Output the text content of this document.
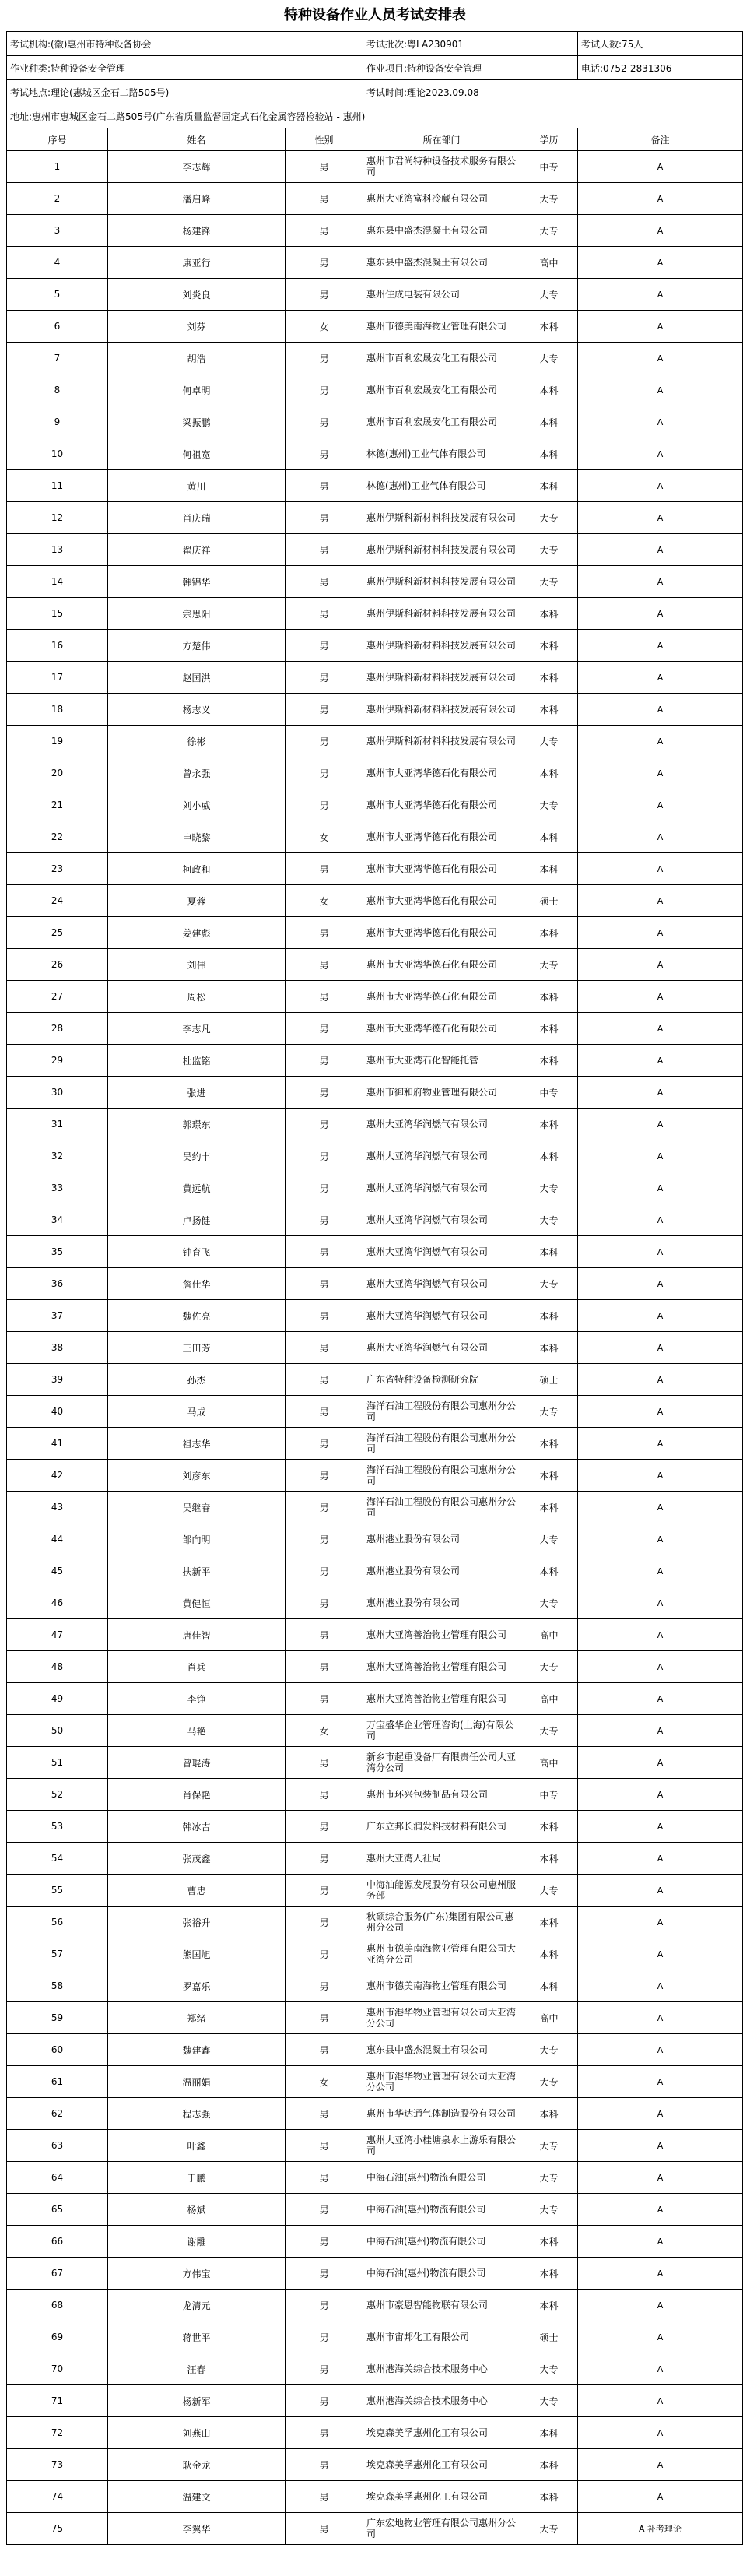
特种设备作业人员考试安排表
考试机构:(徽)惠州市特种设备协会			考试批次:粤LA230901		考试人数:75人
作业种类:特种设备安全管理			作业项目:特种设备安全管理		电话:0752-2831306
考试地点:理论(惠城区金石二路505号)			考试时间:理论2023.09.08		
地址:惠州市惠城区金石二路505号(广东省质量监督固定式石化金属容器检验站 - 惠州)					
序号	姓名	性别	所在部门	学历	备注
1	李志辉	男	惠州市君尚特种设备技术服务有限公司	中专	A
2	潘启峰	男	惠州大亚湾富科冷藏有限公司	大专	A
3	杨建锋	男	惠东县中盛杰混凝土有限公司	大专	A
4	康亚行	男	惠东县中盛杰混凝土有限公司	高中	A
5	刘炎良	男	惠州住成电装有限公司	大专	A
6	刘芬	女	惠州市德美南海物业管理有限公司	本科	A
7	胡浩	男	惠州市百利宏晟安化工有限公司	大专	A
8	何卓明	男	惠州市百利宏晟安化工有限公司	本科	A
9	梁振鹏	男	惠州市百利宏晟安化工有限公司	本科	A
10	何祖宽	男	林德(惠州)工业气体有限公司	本科	A
11	黄川	男	林德(惠州)工业气体有限公司	本科	A
12	肖庆瑞	男	惠州伊斯科新材料科技发展有限公司	大专	A
13	翟庆祥	男	惠州伊斯科新材料科技发展有限公司	大专	A
14	韩锦华	男	惠州伊斯科新材料科技发展有限公司	大专	A
15	宗思阳	男	惠州伊斯科新材料科技发展有限公司	本科	A
16	方楚伟	男	惠州伊斯科新材料科技发展有限公司	本科	A
17	赵国洪	男	惠州伊斯科新材料科技发展有限公司	本科	A
18	杨志义	男	惠州伊斯科新材料科技发展有限公司	本科	A
19	徐彬	男	惠州伊斯科新材料科技发展有限公司	大专	A
20	曾永强	男	惠州市大亚湾华德石化有限公司	本科	A
21	刘小威	男	惠州市大亚湾华德石化有限公司	大专	A
22	申晓黎	女	惠州市大亚湾华德石化有限公司	本科	A
23	柯政和	男	惠州市大亚湾华德石化有限公司	本科	A
24	夏蓉	女	惠州市大亚湾华德石化有限公司	硕士	A
25	姜建彪	男	惠州市大亚湾华德石化有限公司	本科	A
26	刘伟	男	惠州市大亚湾华德石化有限公司	大专	A
27	周松	男	惠州市大亚湾华德石化有限公司	本科	A
28	李志凡	男	惠州市大亚湾华德石化有限公司	本科	A
29	杜监铭	男	惠州市大亚湾石化智能托管	本科	A
30	张进	男	惠州市御和府物业管理有限公司	中专	A
31	郭璟东	男	惠州大亚湾华润燃气有限公司	本科	A
32	吴约丰	男	惠州大亚湾华润燃气有限公司	本科	A
33	黄远航	男	惠州大亚湾华润燃气有限公司	大专	A
34	卢扬健	男	惠州大亚湾华润燃气有限公司	大专	A
35	钟育飞	男	惠州大亚湾华润燃气有限公司	本科	A
36	詹仕华	男	惠州大亚湾华润燃气有限公司	大专	A
37	魏佐亮	男	惠州大亚湾华润燃气有限公司	本科	A
38	王田芳	男	惠州大亚湾华润燃气有限公司	本科	A
39	孙杰	男	广东省特种设备检测研究院	硕士	A
40	马成	男	海洋石油工程股份有限公司惠州分公司	大专	A
41	祖志华	男	海洋石油工程股份有限公司惠州分公司	本科	A
42	刘彦东	男	海洋石油工程股份有限公司惠州分公司	本科	A
43	吴继春	男	海洋石油工程股份有限公司惠州分公司	本科	A
44	邹向明	男	惠州港业股份有限公司	大专	A
45	扶新平	男	惠州港业股份有限公司	本科	A
46	黄健恒	男	惠州港业股份有限公司	大专	A
47	唐佳智	男	惠州大亚湾善治物业管理有限公司	高中	A
48	肖兵	男	惠州大亚湾善治物业管理有限公司	大专	A
49	李铮	男	惠州大亚湾善治物业管理有限公司	高中	A
50	马艳	女	万宝盛华企业管理咨询(上海)有限公司	大专	A
51	曾琨涛	男	新乡市起重设备厂有限责任公司大亚湾分公司	高中	A
52	肖保艳	男	惠州市环兴包装制品有限公司	中专	A
53	韩冰吉	男	广东立邦长润发科技材料有限公司	本科	A
54	张茂鑫	男	惠州大亚湾人社局	本科	A
55	曹忠	男	中海油能源发展股份有限公司惠州服务部	大专	A
56	张裕升	男	秋硕综合服务(广东)集团有限公司惠州分公司	本科	A
57	熊国旭	男	惠州市德美南海物业管理有限公司大亚湾分公司	本科	A
58	罗嘉乐	男	惠州市德美南海物业管理有限公司	本科	A
59	郑绪	男	惠州市港华物业管理有限公司大亚湾分公司	高中	A
60	魏建鑫	男	惠东县中盛杰混凝土有限公司	大专	A
61	温丽娟	女	惠州市港华物业管理有限公司大亚湾分公司	大专	A
62	程志强	男	惠州市华达通气体制造股份有限公司	本科	A
63	叶鑫	男	惠州大亚湾小桂塘泉水上游乐有限公司	大专	A
64	于鹏	男	中海石油(惠州)物流有限公司	大专	A
65	杨斌	男	中海石油(惠州)物流有限公司	大专	A
66	谢雕	男	中海石油(惠州)物流有限公司	本科	A
67	方伟宝	男	中海石油(惠州)物流有限公司	本科	A
68	龙清元	男	惠州市豪恩智能物联有限公司	本科	A
69	蒋世平	男	惠州市宙邦化工有限公司	硕士	A
70	汪春	男	惠州港海关综合技术服务中心	大专	A
71	杨新军	男	惠州港海关综合技术服务中心	大专	A
72	刘燕山	男	埃克森美孚惠州化工有限公司	本科	A
73	耿金龙	男	埃克森美孚惠州化工有限公司	本科	A
74	温建文	男	埃克森美孚惠州化工有限公司	本科	A
75	李翼华	男	广东宏地物业管理有限公司惠州分公司	大专	A 补考理论
